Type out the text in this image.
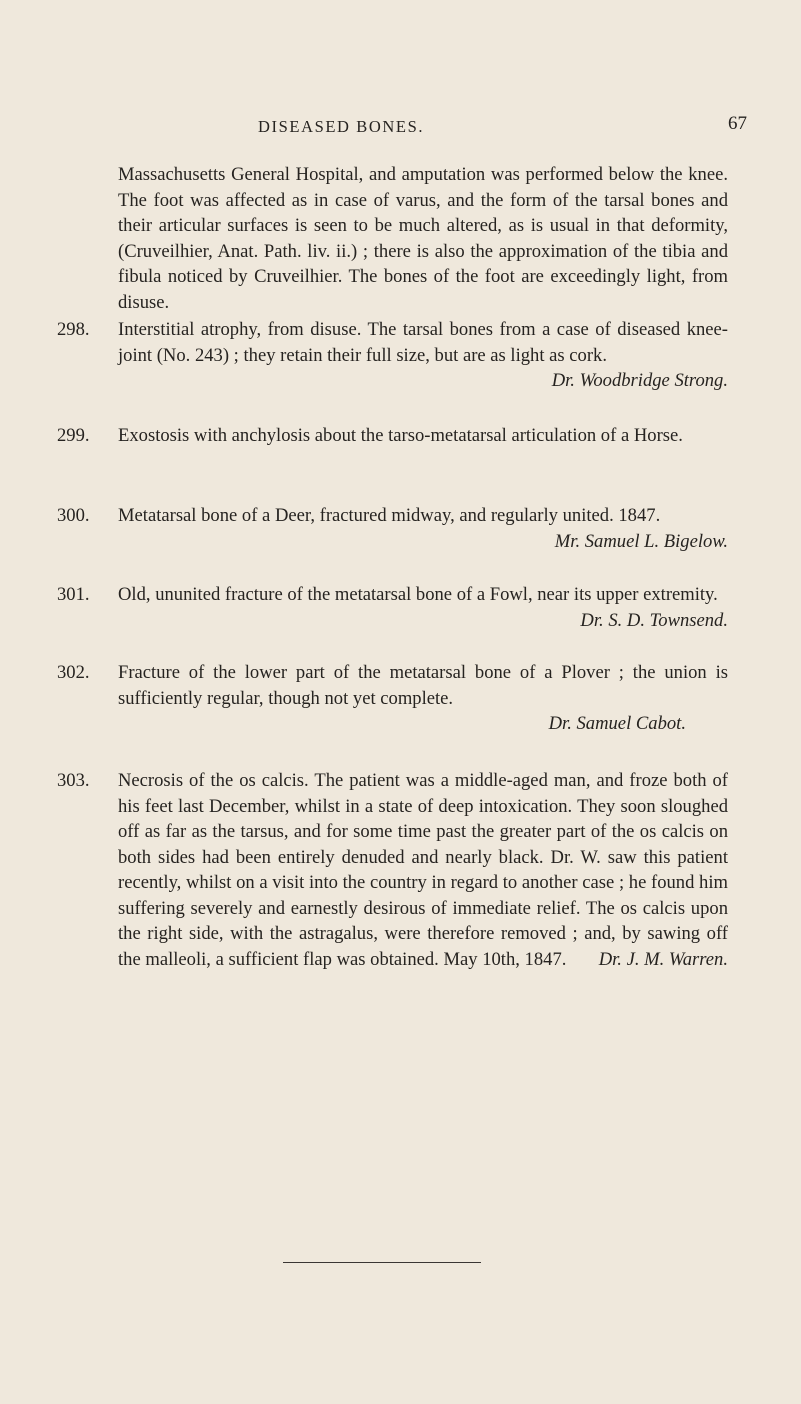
DISEASED BONES.	67

Massachusetts General Hospital, and amputation was performed below the knee. The foot was affected as in case of varus, and the form of the tarsal bones and their articular surfaces is seen to be much altered, as is usual in that deformity, (Cruveilhier, Anat. Path. liv. ii.) ; there is also the approximation of the tibia and fibula noticed by Cruveilhier. The bones of the foot are exceedingly light, from disuse.

298.	Interstitial atrophy, from disuse. The tarsal bones from a case of diseased knee-joint (No. 243) ; they retain their full size, but are as light as cork.
Dr. Woodbridge Strong.
299.	Exostosis with anchylosis about the tarso-metatarsal articulation of a Horse.
300.	Metatarsal bone of a Deer, fractured midway, and regularly united. 1847.
Mr. Samuel L. Bigelow.
301.	Old, ununited fracture of the metatarsal bone of a Fowl, near its upper extremity.
Dr. S. D. Townsend.
302.	Fracture of the lower part of the metatarsal bone of a Plover ; the union is sufficiently regular, though not yet complete.
Dr. Samuel Cabot.
303.	Necrosis of the os calcis. The patient was a middle-aged man, and froze both of his feet last December, whilst in a state of deep intoxication. They soon sloughed off as far as the tarsus, and for some time past the greater part of the os calcis on both sides had been entirely denuded and nearly black. Dr. W. saw this patient recently, whilst on a visit into the country in regard to another case ; he found him suffering severely and earnestly desirous of immediate relief. The os calcis upon the right side, with the astragalus, were therefore removed ; and, by sawing off the malleoli, a sufficient flap was obtained. May 10th, 1847. Dr. J. M. Warren.
